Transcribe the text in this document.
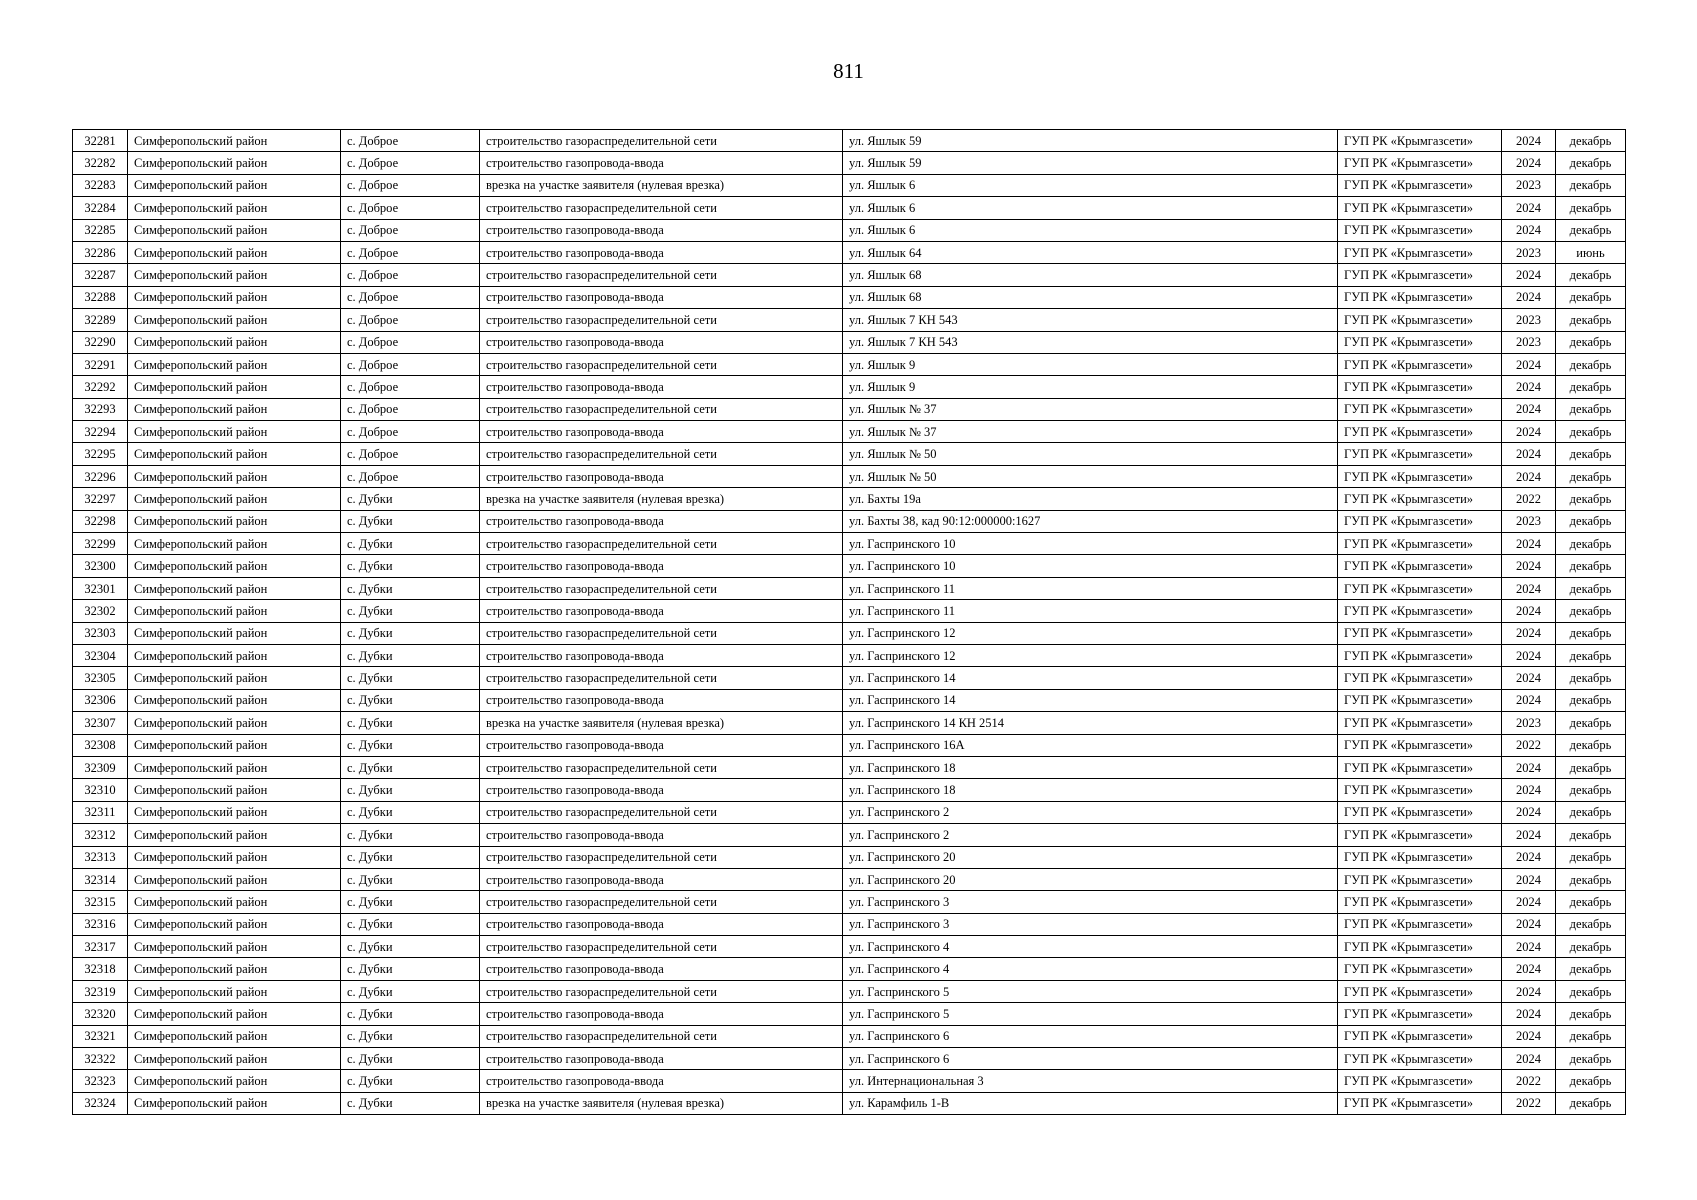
811
32281	Симферопольский район	с. Доброе	строительство газораспределительной сети	ул. Яшлык 59	ГУП РК «Крымгазсети»	2024	декабрь
32282	Симферопольский район	с. Доброе	строительство газопровода-ввода	ул. Яшлык 59	ГУП РК «Крымгазсети»	2024	декабрь
32283	Симферопольский район	с. Доброе	врезка на участке заявителя (нулевая врезка)	ул. Яшлык 6	ГУП РК «Крымгазсети»	2023	декабрь
32284	Симферопольский район	с. Доброе	строительство газораспределительной сети	ул. Яшлык 6	ГУП РК «Крымгазсети»	2024	декабрь
32285	Симферопольский район	с. Доброе	строительство газопровода-ввода	ул. Яшлык 6	ГУП РК «Крымгазсети»	2024	декабрь
32286	Симферопольский район	с. Доброе	строительство газопровода-ввода	ул. Яшлык 64	ГУП РК «Крымгазсети»	2023	июнь
32287	Симферопольский район	с. Доброе	строительство газораспределительной сети	ул. Яшлык 68	ГУП РК «Крымгазсети»	2024	декабрь
32288	Симферопольский район	с. Доброе	строительство газопровода-ввода	ул. Яшлык 68	ГУП РК «Крымгазсети»	2024	декабрь
32289	Симферопольский район	с. Доброе	строительство газораспределительной сети	ул. Яшлык 7 КН 543	ГУП РК «Крымгазсети»	2023	декабрь
32290	Симферопольский район	с. Доброе	строительство газопровода-ввода	ул. Яшлык 7 КН 543	ГУП РК «Крымгазсети»	2023	декабрь
32291	Симферопольский район	с. Доброе	строительство газораспределительной сети	ул. Яшлык 9	ГУП РК «Крымгазсети»	2024	декабрь
32292	Симферопольский район	с. Доброе	строительство газопровода-ввода	ул. Яшлык 9	ГУП РК «Крымгазсети»	2024	декабрь
32293	Симферопольский район	с. Доброе	строительство газораспределительной сети	ул. Яшлык № 37	ГУП РК «Крымгазсети»	2024	декабрь
32294	Симферопольский район	с. Доброе	строительство газопровода-ввода	ул. Яшлык № 37	ГУП РК «Крымгазсети»	2024	декабрь
32295	Симферопольский район	с. Доброе	строительство газораспределительной сети	ул. Яшлык № 50	ГУП РК «Крымгазсети»	2024	декабрь
32296	Симферопольский район	с. Доброе	строительство газопровода-ввода	ул. Яшлык № 50	ГУП РК «Крымгазсети»	2024	декабрь
32297	Симферопольский район	с. Дубки	врезка на участке заявителя (нулевая врезка)	ул. Бахты 19а	ГУП РК «Крымгазсети»	2022	декабрь
32298	Симферопольский район	с. Дубки	строительство газопровода-ввода	ул. Бахты 38, кад 90:12:000000:1627	ГУП РК «Крымгазсети»	2023	декабрь
32299	Симферопольский район	с. Дубки	строительство газораспределительной сети	ул. Гаспринского 10	ГУП РК «Крымгазсети»	2024	декабрь
32300	Симферопольский район	с. Дубки	строительство газопровода-ввода	ул. Гаспринского 10	ГУП РК «Крымгазсети»	2024	декабрь
32301	Симферопольский район	с. Дубки	строительство газораспределительной сети	ул. Гаспринского 11	ГУП РК «Крымгазсети»	2024	декабрь
32302	Симферопольский район	с. Дубки	строительство газопровода-ввода	ул. Гаспринского 11	ГУП РК «Крымгазсети»	2024	декабрь
32303	Симферопольский район	с. Дубки	строительство газораспределительной сети	ул. Гаспринского 12	ГУП РК «Крымгазсети»	2024	декабрь
32304	Симферопольский район	с. Дубки	строительство газопровода-ввода	ул. Гаспринского 12	ГУП РК «Крымгазсети»	2024	декабрь
32305	Симферопольский район	с. Дубки	строительство газораспределительной сети	ул. Гаспринского 14	ГУП РК «Крымгазсети»	2024	декабрь
32306	Симферопольский район	с. Дубки	строительство газопровода-ввода	ул. Гаспринского 14	ГУП РК «Крымгазсети»	2024	декабрь
32307	Симферопольский район	с. Дубки	врезка на участке заявителя (нулевая врезка)	ул. Гаспринского 14 КН 2514	ГУП РК «Крымгазсети»	2023	декабрь
32308	Симферопольский район	с. Дубки	строительство газопровода-ввода	ул. Гаспринского 16А	ГУП РК «Крымгазсети»	2022	декабрь
32309	Симферопольский район	с. Дубки	строительство газораспределительной сети	ул. Гаспринского 18	ГУП РК «Крымгазсети»	2024	декабрь
32310	Симферопольский район	с. Дубки	строительство газопровода-ввода	ул. Гаспринского 18	ГУП РК «Крымгазсети»	2024	декабрь
32311	Симферопольский район	с. Дубки	строительство газораспределительной сети	ул. Гаспринского 2	ГУП РК «Крымгазсети»	2024	декабрь
32312	Симферопольский район	с. Дубки	строительство газопровода-ввода	ул. Гаспринского 2	ГУП РК «Крымгазсети»	2024	декабрь
32313	Симферопольский район	с. Дубки	строительство газораспределительной сети	ул. Гаспринского 20	ГУП РК «Крымгазсети»	2024	декабрь
32314	Симферопольский район	с. Дубки	строительство газопровода-ввода	ул. Гаспринского 20	ГУП РК «Крымгазсети»	2024	декабрь
32315	Симферопольский район	с. Дубки	строительство газораспределительной сети	ул. Гаспринского 3	ГУП РК «Крымгазсети»	2024	декабрь
32316	Симферопольский район	с. Дубки	строительство газопровода-ввода	ул. Гаспринского 3	ГУП РК «Крымгазсети»	2024	декабрь
32317	Симферопольский район	с. Дубки	строительство газораспределительной сети	ул. Гаспринского 4	ГУП РК «Крымгазсети»	2024	декабрь
32318	Симферопольский район	с. Дубки	строительство газопровода-ввода	ул. Гаспринского 4	ГУП РК «Крымгазсети»	2024	декабрь
32319	Симферопольский район	с. Дубки	строительство газораспределительной сети	ул. Гаспринского 5	ГУП РК «Крымгазсети»	2024	декабрь
32320	Симферопольский район	с. Дубки	строительство газопровода-ввода	ул. Гаспринского 5	ГУП РК «Крымгазсети»	2024	декабрь
32321	Симферопольский район	с. Дубки	строительство газораспределительной сети	ул. Гаспринского 6	ГУП РК «Крымгазсети»	2024	декабрь
32322	Симферопольский район	с. Дубки	строительство газопровода-ввода	ул. Гаспринского 6	ГУП РК «Крымгазсети»	2024	декабрь
32323	Симферопольский район	с. Дубки	строительство газопровода-ввода	ул. Интернациональная 3	ГУП РК «Крымгазсети»	2022	декабрь
32324	Симферопольский район	с. Дубки	врезка на участке заявителя (нулевая врезка)	ул. Карамфиль 1-В	ГУП РК «Крымгазсети»	2022	декабрь
